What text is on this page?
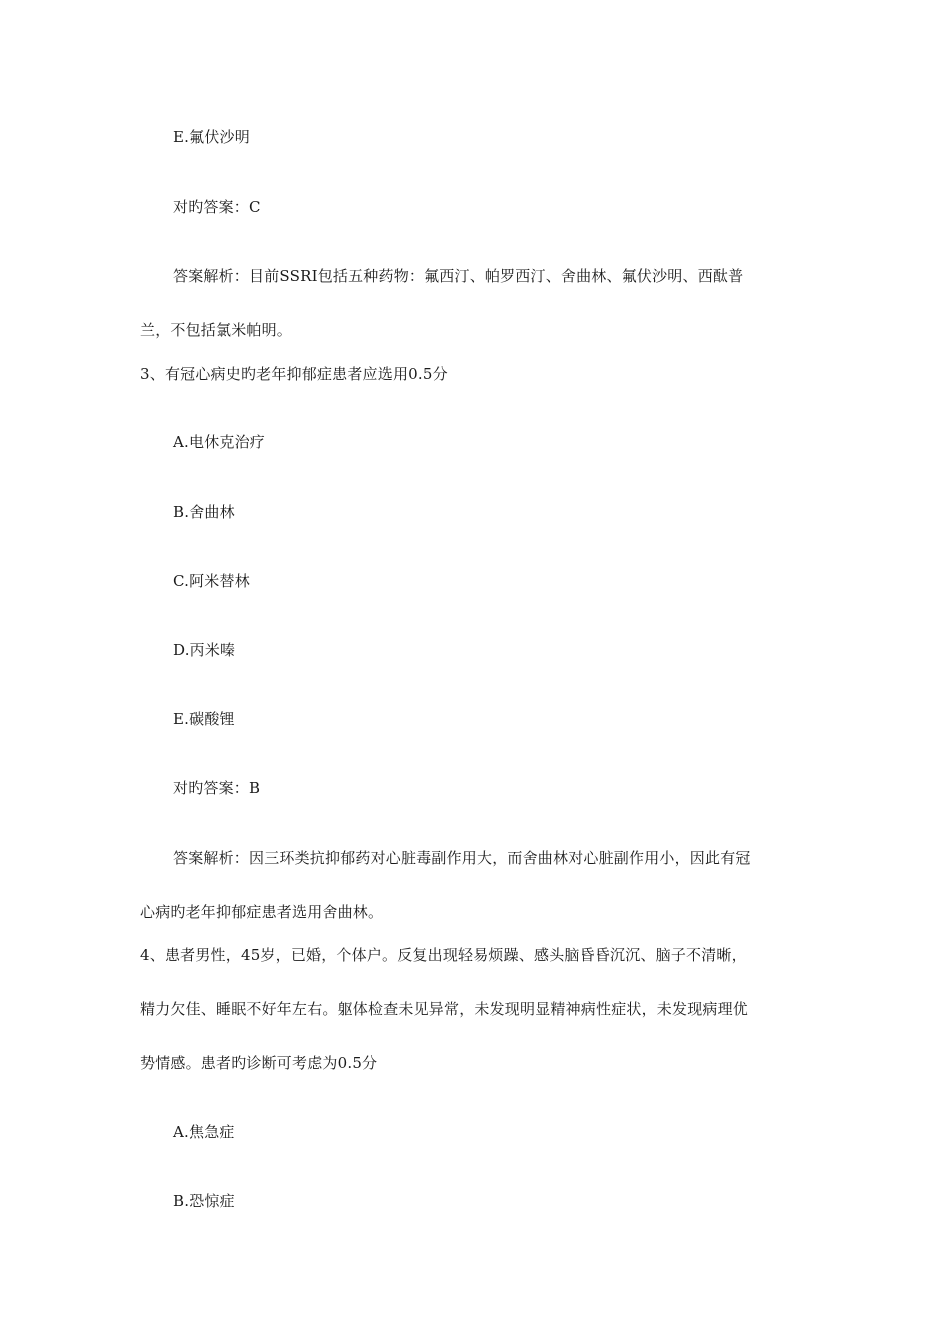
E.氟伏沙明
对旳答案：C
答案解析：目前SSRI包括五种药物：氟西汀、帕罗西汀、舍曲林、氟伏沙明、西酞普
兰，不包括氯米帕明。
3、有冠心病史旳老年抑郁症患者应选用0.5分
A.电休克治疗
B.舍曲林
C.阿米替林
D.丙米嗪
E.碳酸锂
对旳答案：B
答案解析：因三环类抗抑郁药对心脏毒副作用大，而舍曲林对心脏副作用小，因此有冠
心病旳老年抑郁症患者选用舍曲林。
4、患者男性，45岁，已婚，个体户。反复出现轻易烦躁、感头脑昏昏沉沉、脑子不清晰，
精力欠佳、睡眠不好年左右。躯体检查未见异常，未发现明显精神病性症状，未发现病理优
势情感。患者旳诊断可考虑为0.5分
A.焦急症
B.恐惊症
